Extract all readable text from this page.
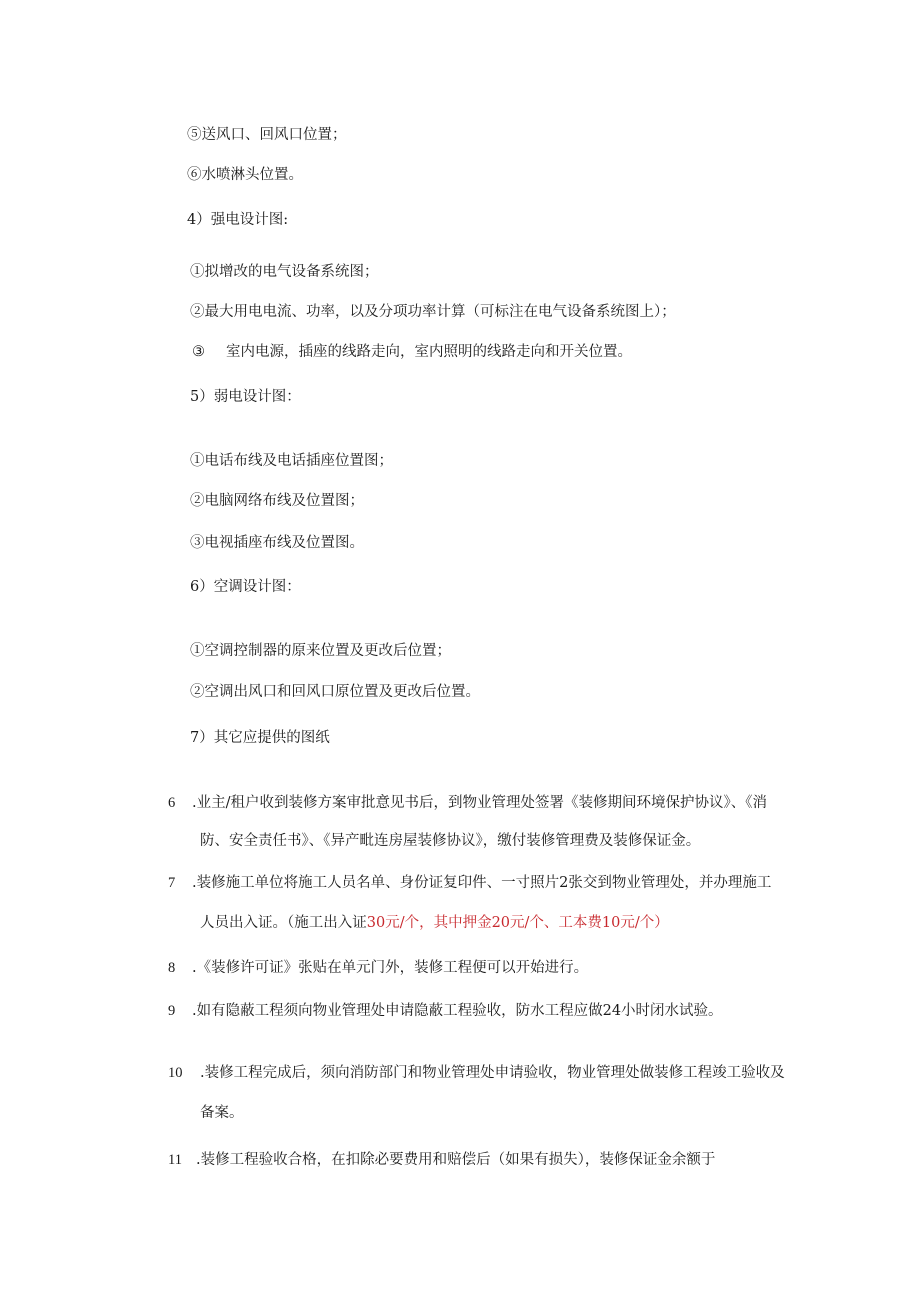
⑤送风口、回风口位置；
⑥水喷淋头位置。
4）强电设计图:
①拟增改的电气设备系统图；
②最大用电电流、功率，以及分项功率计算（可标注在电气设备系统图上）；
③ 室内电源，插座的线路走向，室内照明的线路走向和开关位置。
5）弱电设计图：
①电话布线及电话插座位置图；
②电脑网络布线及位置图；
③电视插座布线及位置图。
6）空调设计图：
①空调控制器的原来位置及更改后位置；
②空调出风口和回风口原位置及更改后位置。
7）其它应提供的图纸
6 .业主/租户收到装修方案审批意见书后，到物业管理处签署《装修期间环境保护协议》、《消
防、安全责任书》、《异产毗连房屋装修协议》，缴付装修管理费及装修保证金。
7 .装修施工单位将施工人员名单、身份证复印件、一寸照片2张交到物业管理处，并办理施工
人员出入证。（施工出入证30元/个，其中押金20元/个、工本费10元/个）
8 .《装修许可证》张贴在单元门外，装修工程便可以开始进行。
9 .如有隐蔽工程须向物业管理处申请隐蔽工程验收，防水工程应做24小时闭水试验。
10 .装修工程完成后，须向消防部门和物业管理处申请验收，物业管理处做装修工程竣工验收及
备案。
11 .装修工程验收合格，在扣除必要费用和赔偿后（如果有损失），装修保证金余额于
